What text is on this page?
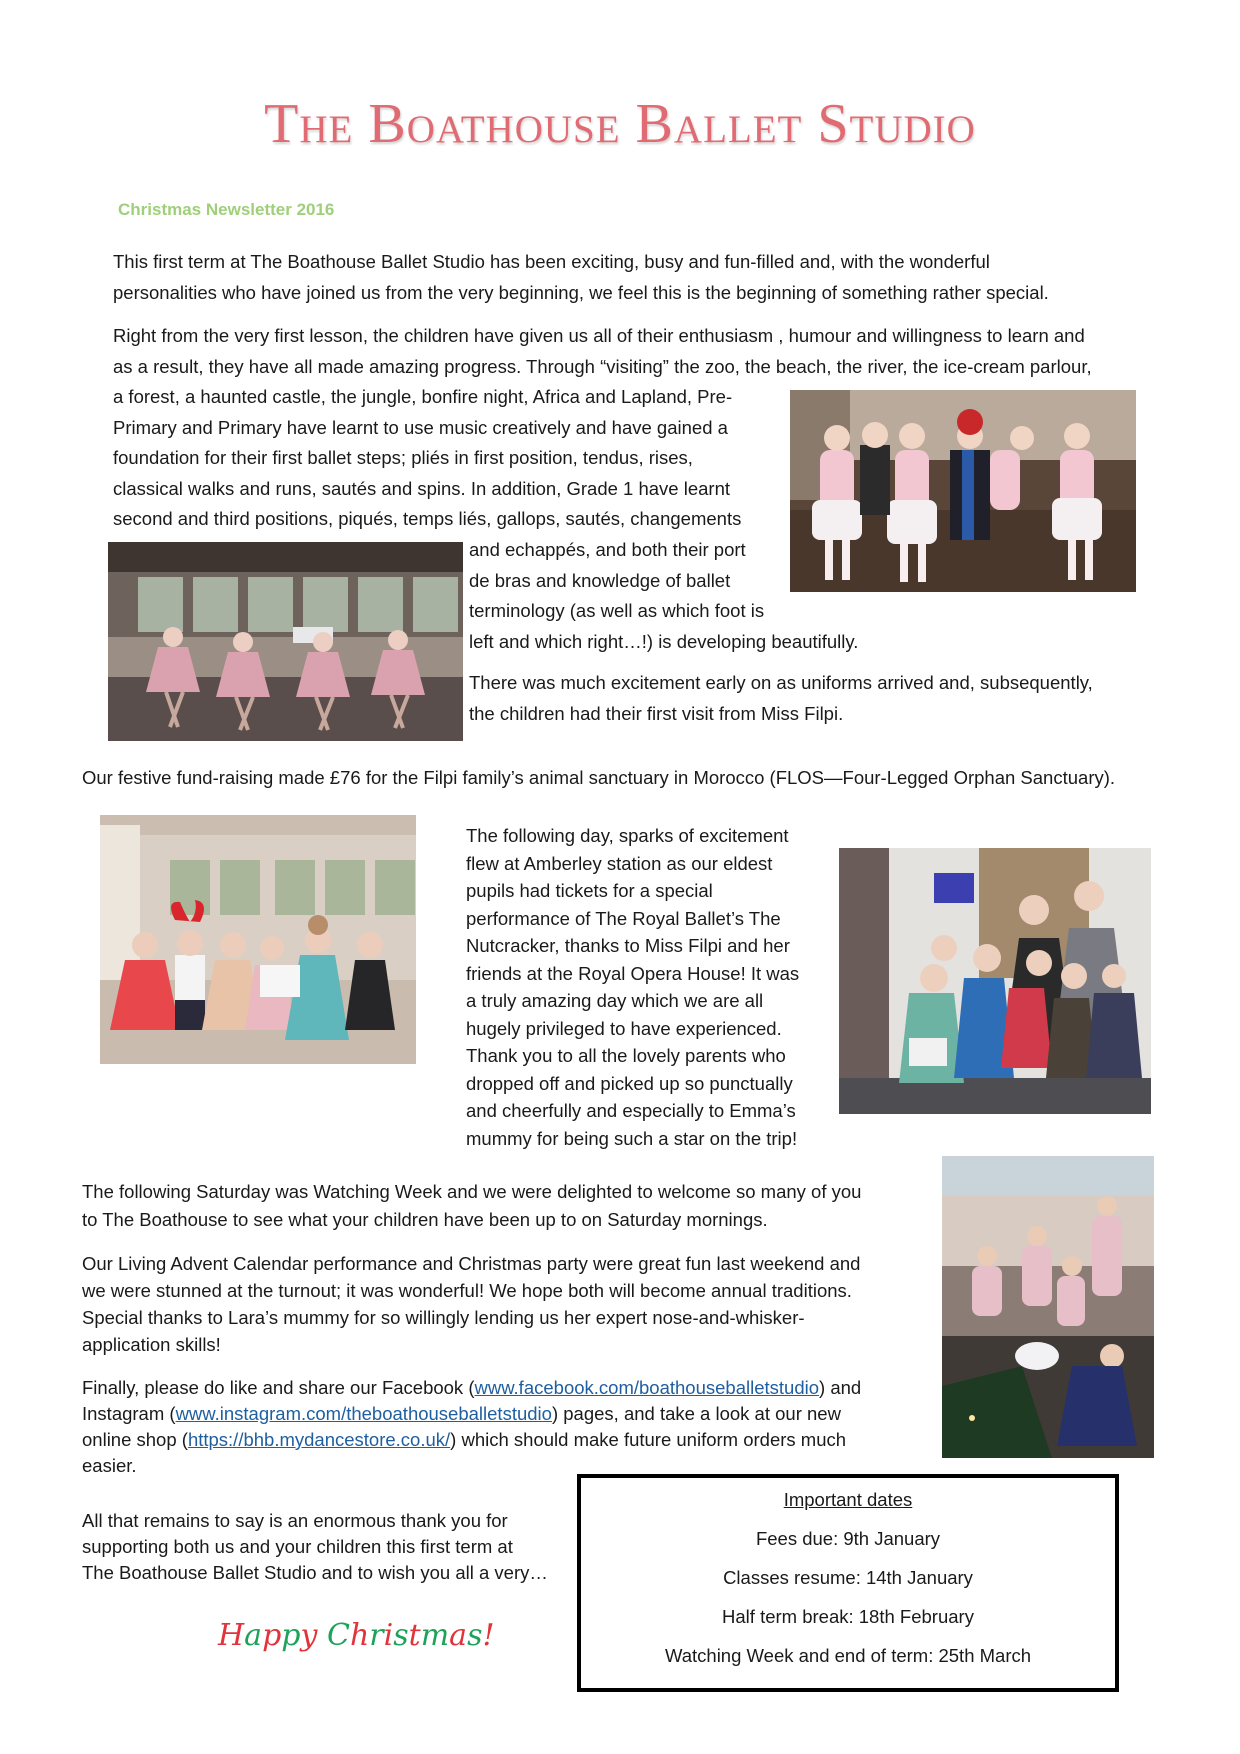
The Boathouse Ballet Studio
Christmas Newsletter 2016
This first term at The Boathouse Ballet Studio has been exciting, busy and fun-filled and, with the wonderful
personalities who have joined us from the very beginning, we feel this is the beginning of something rather special.
Right from the very first lesson, the children have given us all of their enthusiasm , humour and willingness to learn and
as a result, they have all made amazing progress. Through “visiting” the zoo, the beach, the river, the ice-cream parlour,
a forest, a haunted castle, the jungle, bonfire night, Africa and Lapland, Pre-
Primary and Primary have learnt to use music creatively and have gained a
foundation for their first ballet steps; pliés in first position, tendus, rises,
classical walks and runs, sautés and spins. In addition, Grade 1 have learnt
second and third positions, piqués, temps liés, gallops, sautés, changements
and echappés, and both their port
de bras and knowledge of ballet
terminology (as well as which foot is
left and which right…!) is developing beautifully.
There was much excitement early on as uniforms arrived and, subsequently,
the children had their first visit from Miss Filpi.
Our festive fund-raising made £76 for the Filpi family’s animal sanctuary in Morocco (FLOS—Four-Legged Orphan Sanctuary).
The following day, sparks of excitement
flew at Amberley station as our eldest
pupils had tickets for a special
performance of The Royal Ballet’s The
Nutcracker, thanks to Miss Filpi and her
friends at the Royal Opera House! It was
a truly amazing day which we are all
hugely privileged to have experienced.
Thank you to all the lovely parents who
dropped off and picked up so punctually
and cheerfully and especially to Emma’s
mummy for being such a star on the trip!
The following Saturday was Watching Week and we were delighted to welcome so many of you
to The Boathouse to see what your children have been up to on Saturday mornings.
Our Living Advent Calendar performance and Christmas party were great fun last weekend and
we were stunned at the turnout; it was wonderful! We hope both will become annual traditions.
Special thanks to Lara’s mummy for so willingly lending us her expert nose-and-whisker-
application skills!
Finally, please do like and share our Facebook (www.facebook.com/boathouseballetstudio) and
Instagram (www.instagram.com/theboathouseballetstudio) pages, and take a look at our new
online shop (https://bhb.mydancestore.co.uk/) which should make future uniform orders much
easier.
All that remains to say is an enormous thank you for
supporting both us and your children this first term at
The Boathouse Ballet Studio and to wish you all a very…
Happy Christmas!
Important dates
Fees due: 9th January
Classes resume: 14th January
Half term break: 18th February
Watching Week and end of term: 25th March
